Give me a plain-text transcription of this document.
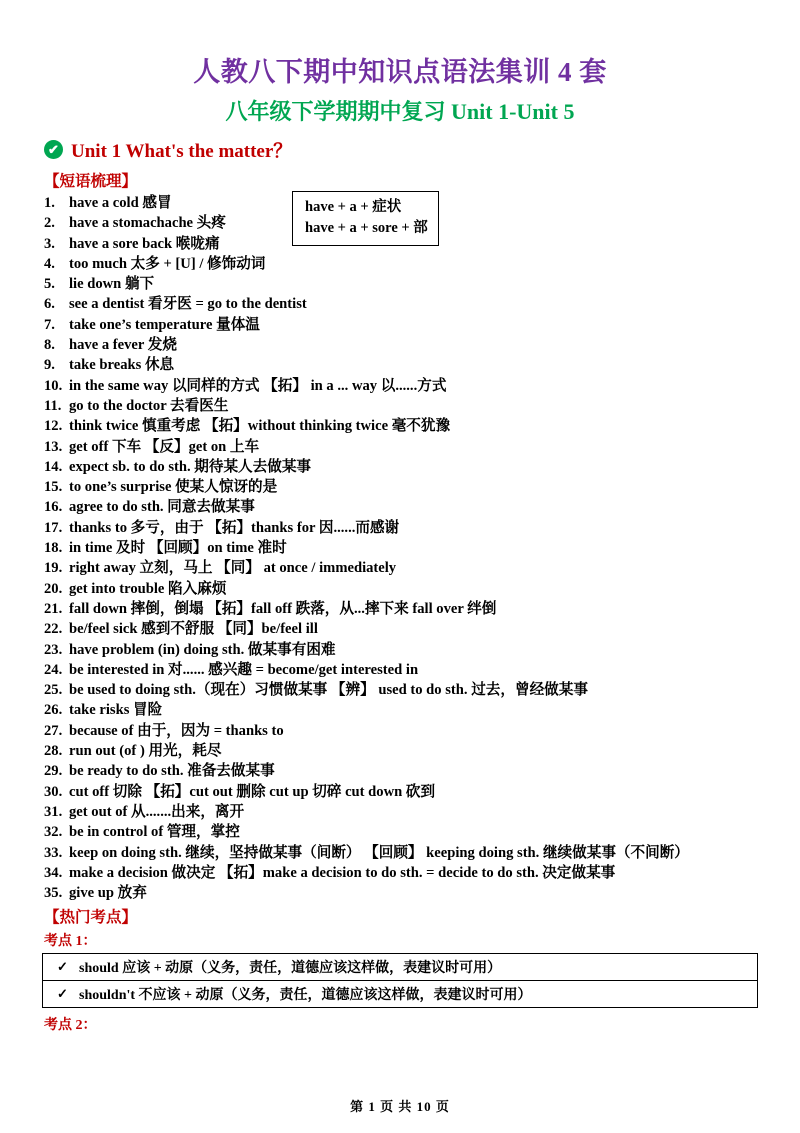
人教八下期中知识点语法集训 4 套
八年级下学期期中复习 Unit 1-Unit 5
✔ Unit 1 What's the matter？
【短语梳理】
have + a + 症状
have + a + sore + 部
1. have a cold 感冒
2. have a stomachache 头疼
3. have a sore back 喉咙痛
4. too much 太多 + [U] / 修饰动词
5. lie down 躺下
6. see a dentist 看牙医 = go to the dentist
7. take one’s temperature 量体温
8. have a fever 发烧
9. take breaks 休息
10. in the same way 以同样的方式 【拓】 in a ... way 以......方式
11. go to the doctor 去看医生
12. think twice 慎重考虑 【拓】without thinking twice 毫不犹豫
13. get off 下车 【反】get on 上车
14. expect sb. to do sth. 期待某人去做某事
15. to one’s surprise 使某人惊讶的是
16. agree to do sth. 同意去做某事
17. thanks to 多亏，由于 【拓】thanks for 因......而感谢
18. in time 及时 【回顾】on time 准时
19. right away 立刻，马上 【同】 at once / immediately
20. get into trouble 陷入麻烦
21. fall down 摔倒，倒塌 【拓】fall off 跌落，从...摔下来 fall over 绊倒
22. be/feel sick 感到不舒服 【同】be/feel ill
23. have problem (in) doing sth. 做某事有困难
24. be interested in 对...... 感兴趣 = become/get interested in
25. be used to doing sth.（现在）习惯做某事 【辨】 used to do sth. 过去，曾经做某事
26. take risks 冒险
27. because of 由于，因为 = thanks to
28. run out (of ) 用光，耗尽
29. be ready to do sth. 准备去做某事
30. cut off 切除 【拓】cut out 删除 cut up 切碎 cut down 砍到
31. get out of 从.......出来，离开
32. be in control of 管理，掌控
33. keep on doing sth. 继续，坚持做某事（间断） 【回顾】 keeping doing sth. 继续做某事（不间断）
34. make a decision 做决定 【拓】make a decision to do sth. = decide to do sth. 决定做某事
35. give up 放弃
【热门考点】
考点 1：
✓ should 应该 + 动原（义务，责任，道德应该这样做，表建议时可用）
✓ shouldn't 不应该 + 动原（义务，责任，道德应该这样做，表建议时可用）
考点 2：
第 1 页 共 10 页
